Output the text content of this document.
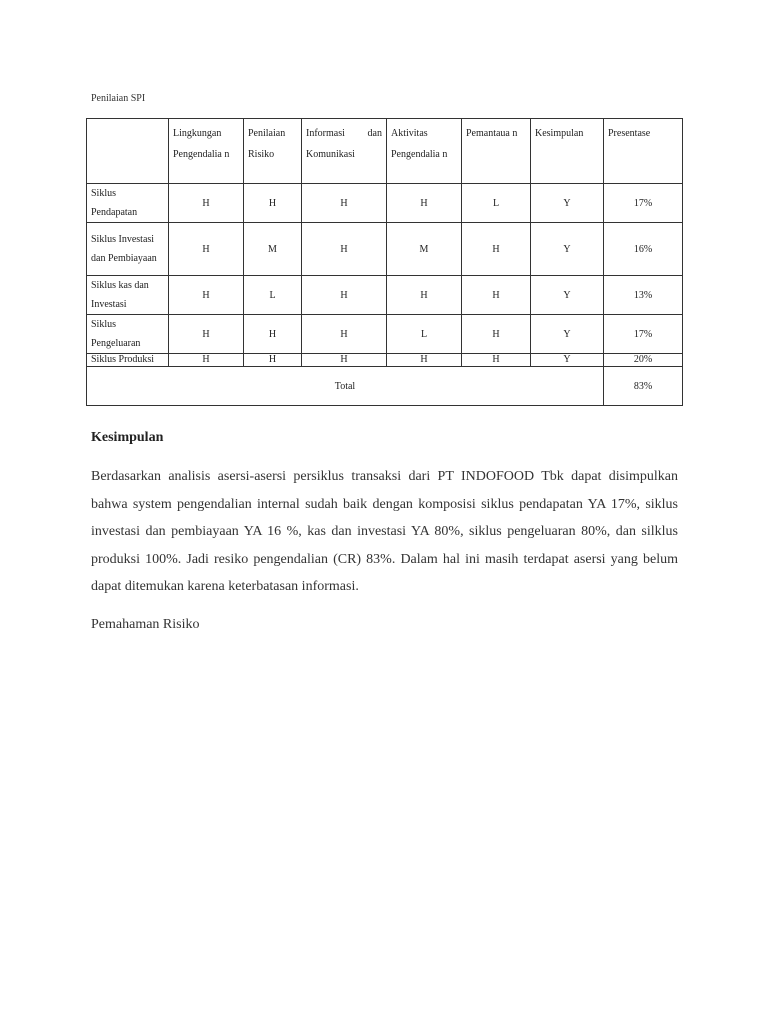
Penilaian SPI
	Lingkungan Pengendalia n	Penilaian Risiko	Informasi dan Komunikasi	Aktivitas Pengendalia n	Pemantaua n	Kesimpulan	Presentase
Siklus Pendapatan	H	H	H	H	L	Y	17%
Siklus Investasi dan Pembiayaan	H	M	H	M	H	Y	16%
Siklus kas dan Investasi	H	L	H	H	H	Y	13%
Siklus Pengeluaran	H	H	H	L	H	Y	17%
Siklus Produksi	H	H	H	H	H	Y	20%
Total							83%
Kesimpulan

Berdasarkan analisis asersi-asersi persiklus transaksi dari PT INDOFOOD Tbk dapat disimpulkan bahwa system pengendalian internal sudah baik dengan komposisi siklus pendapatan YA 17%, siklus investasi dan pembiayaan YA 16 %, kas dan investasi YA 80%, siklus pengeluaran 80%, dan silklus produksi 100%. Jadi resiko pengendalian (CR) 83%. Dalam hal ini masih terdapat asersi yang belum dapat ditemukan karena keterbatasan informasi.

Pemahaman Risiko
